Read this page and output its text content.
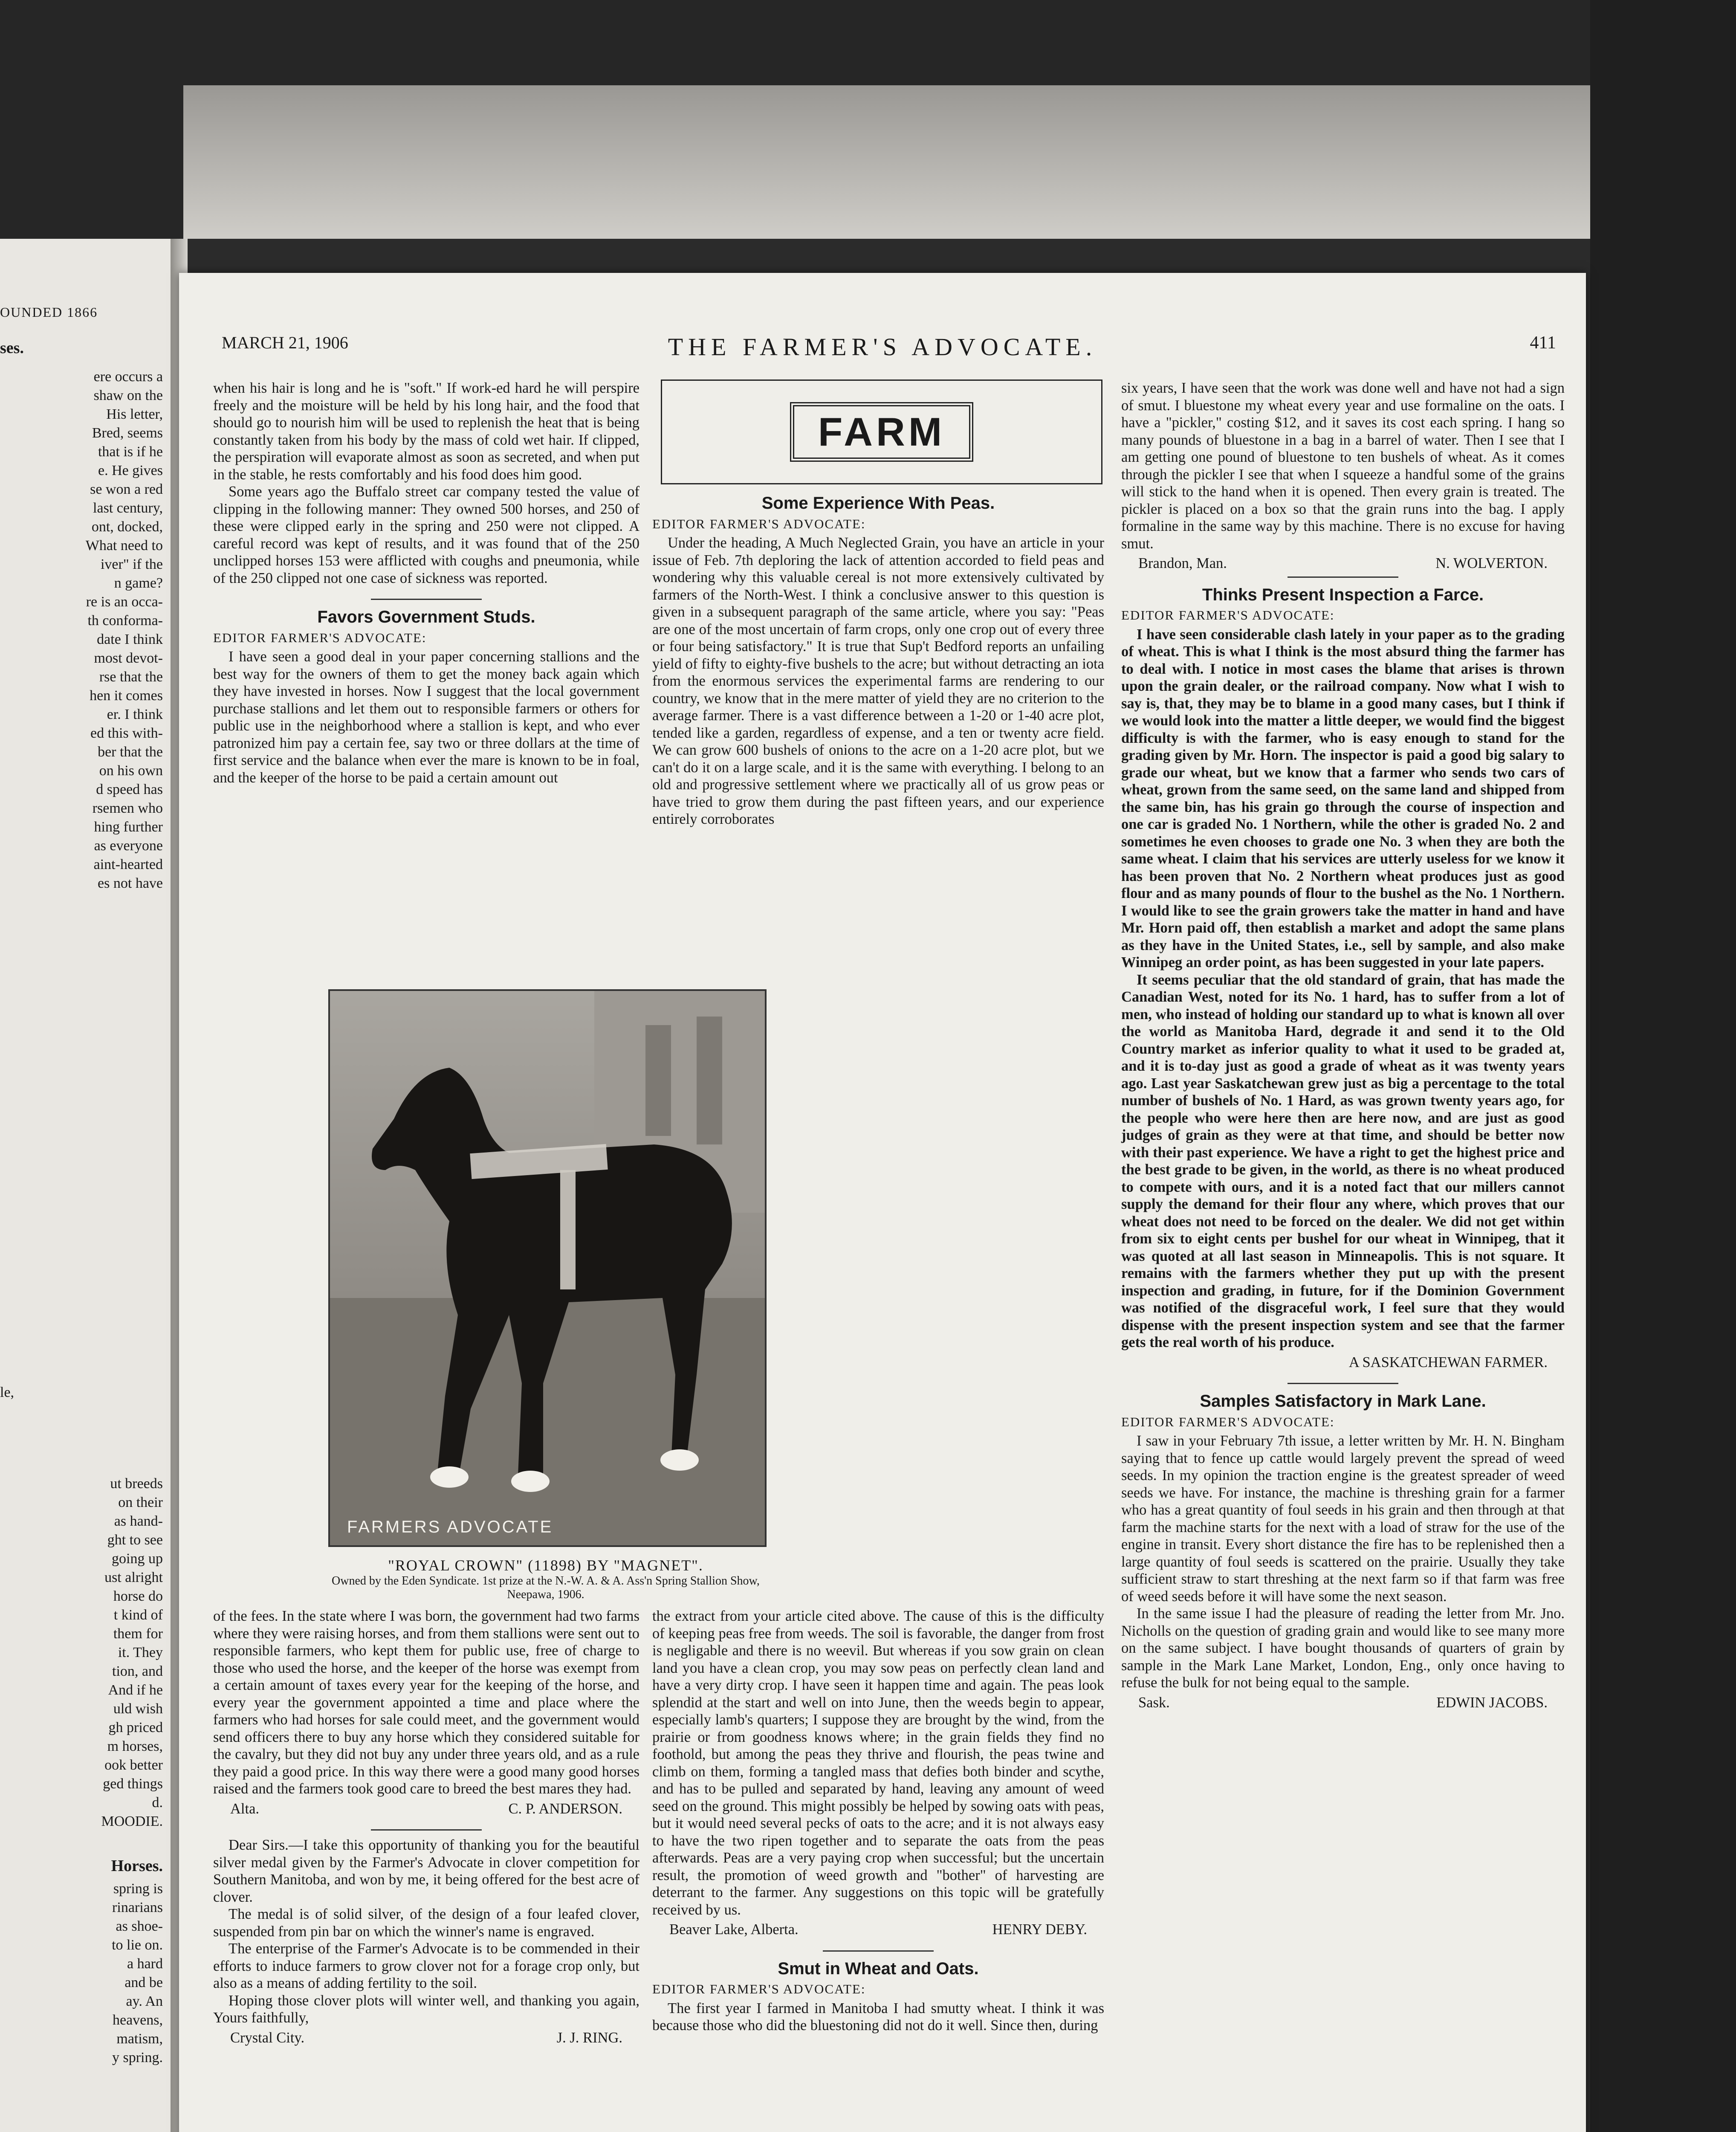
OUNDED 1866
ses.
ere occurs a
shaw on the
His letter,
Bred, seems
that is if he
e. He gives
se won a red
last century,
ont, docked,
What need to
iver" if the
n game?
re is an occa-
th conforma-
date I think
most devot-
rse that the
hen it comes
er. I think
ed this with-
ber that the
on his own
d speed has
rsemen who
hing further
as everyone
aint-hearted
es not have
le,
ut breeds
on their
as hand-
ght to see
going up
ust alright
horse do
t kind of
them for
it. They
tion, and
And if he
uld wish
gh priced
m horses,
ook better
ged things
d.
MOODIE.
Horses.
spring is
rinarians
as shoe-
to lie on.
a hard
and be
ay. An
heavens,
matism,
y spring.
MARCH 21, 1906	THE FARMER'S ADVOCATE.	411

when his hair is long and he is "soft." If work-ed hard he will perspire freely and the moisture will be held by his long hair, and the food that should go to nourish him will be used to replenish the heat that is being constantly taken from his body by the mass of cold wet hair. If clipped, the perspiration will evaporate almost as soon as secreted, and when put in the stable, he rests comfortably and his food does him good.

Some years ago the Buffalo street car company tested the value of clipping in the following manner: They owned 500 horses, and 250 of these were clipped early in the spring and 250 were not clipped. A careful record was kept of results, and it was found that of the 250 unclipped horses 153 were afflicted with coughs and pneumonia, while of the 250 clipped not one case of sickness was reported.

Favors Government Studs.
EDITOR FARMER'S ADVOCATE:

I have seen a good deal in your paper concerning stallions and the best way for the owners of them to get the money back again which they have invested in horses. Now I suggest that the local government purchase stallions and let them out to responsible farmers or others for public use in the neighborhood where a stallion is kept, and who ever patronized him pay a certain fee, say two or three dollars at the time of first service and the balance when ever the mare is known to be in foal, and the keeper of the horse to be paid a certain amount out

FARM
Some Experience With Peas.
EDITOR FARMER'S ADVOCATE:

Under the heading, A Much Neglected Grain, you have an article in your issue of Feb. 7th deploring the lack of attention accorded to field peas and wondering why this valuable cereal is not more extensively cultivated by farmers of the North-West. I think a conclusive answer to this question is given in a subsequent paragraph of the same article, where you say: "Peas are one of the most uncertain of farm crops, only one crop out of every three or four being satisfactory." It is true that Sup't Bedford reports an unfailing yield of fifty to eighty-five bushels to the acre; but without detracting an iota from the enormous services the experimental farms are rendering to our country, we know that in the mere matter of yield they are no criterion to the average farmer. There is a vast difference between a 1-20 or 1-40 acre plot, tended like a garden, regardless of expense, and a ten or twenty acre field. We can grow 600 bushels of onions to the acre on a 1-20 acre plot, but we can't do it on a large scale, and it is the same with everything. I belong to an old and progressive settlement where we practically all of us grow peas or have tried to grow them during the past fifteen years, and our experience entirely corroborates

FARMERS ADVOCATE
"ROYAL CROWN" (11898) BY "MAGNET".
Owned by the Eden Syndicate. 1st prize at the N.-W. A. & A. Ass'n Spring Stallion Show, Neepawa, 1906.

of the fees. In the state where I was born, the government had two farms where they were raising horses, and from them stallions were sent out to responsible farmers, who kept them for public use, free of charge to those who used the horse, and the keeper of the horse was exempt from a certain amount of taxes every year for the keeping of the horse, and every year the government appointed a time and place where the farmers who had horses for sale could meet, and the government would send officers there to buy any horse which they considered suitable for the cavalry, but they did not buy any under three years old, and as a rule they paid a good price. In this way there were a good many good horses raised and the farmers took good care to breed the best mares they had.

Alta.	C. P. ANDERSON.

Dear Sirs.—I take this opportunity of thanking you for the beautiful silver medal given by the Farmer's Advocate in clover competition for Southern Manitoba, and won by me, it being offered for the best acre of clover.

The medal is of solid silver, of the design of a four leafed clover, suspended from pin bar on which the winner's name is engraved.

The enterprise of the Farmer's Advocate is to be commended in their efforts to induce farmers to grow clover not for a forage crop only, but also as a means of adding fertility to the soil.

Hoping those clover plots will winter well, and thanking you again, Yours faithfully,

Crystal City.	J. J. RING.

the extract from your article cited above. The cause of this is the difficulty of keeping peas free from weeds. The soil is favorable, the danger from frost is negligable and there is no weevil. But whereas if you sow grain on clean land you have a clean crop, you may sow peas on perfectly clean land and have a very dirty crop. I have seen it happen time and again. The peas look splendid at the start and well on into June, then the weeds begin to appear, especially lamb's quarters; I suppose they are brought by the wind, from the prairie or from goodness knows where; in the grain fields they find no foothold, but among the peas they thrive and flourish, the peas twine and climb on them, forming a tangled mass that defies both binder and scythe, and has to be pulled and separated by hand, leaving any amount of weed seed on the ground. This might possibly be helped by sowing oats with peas, but it would need several pecks of oats to the acre; and it is not always easy to have the two ripen together and to separate the oats from the peas afterwards. Peas are a very paying crop when successful; but the uncertain result, the promotion of weed growth and "bother" of harvesting are deterrant to the farmer. Any suggestions on this topic will be gratefully received by us.

Beaver Lake, Alberta.	HENRY DEBY.
Smut in Wheat and Oats.
EDITOR FARMER'S ADVOCATE:

The first year I farmed in Manitoba I had smutty wheat. I think it was because those who did the bluestoning did not do it well. Since then, during

six years, I have seen that the work was done well and have not had a sign of smut. I bluestone my wheat every year and use formaline on the oats. I have a "pickler," costing $12, and it saves its cost each spring. I hang so many pounds of bluestone in a bag in a barrel of water. Then I see that I am getting one pound of bluestone to ten bushels of wheat. As it comes through the pickler I see that when I squeeze a handful some of the grains will stick to the hand when it is opened. Then every grain is treated. The pickler is placed on a box so that the grain runs into the bag. I apply formaline in the same way by this machine. There is no excuse for having smut.

Brandon, Man.	N. WOLVERTON.
Thinks Present Inspection a Farce.
EDITOR FARMER'S ADVOCATE:

I have seen considerable clash lately in your paper as to the grading of wheat. This is what I think is the most absurd thing the farmer has to deal with. I notice in most cases the blame that arises is thrown upon the grain dealer, or the railroad company. Now what I wish to say is, that, they may be to blame in a good many cases, but I think if we would look into the matter a little deeper, we would find the biggest difficulty is with the farmer, who is easy enough to stand for the grading given by Mr. Horn. The inspector is paid a good big salary to grade our wheat, but we know that a farmer who sends two cars of wheat, grown from the same seed, on the same land and shipped from the same bin, has his grain go through the course of inspection and one car is graded No. 1 Northern, while the other is graded No. 2 and sometimes he even chooses to grade one No. 3 when they are both the same wheat. I claim that his services are utterly useless for we know it has been proven that No. 2 Northern wheat produces just as good flour and as many pounds of flour to the bushel as the No. 1 Northern. I would like to see the grain growers take the matter in hand and have Mr. Horn paid off, then establish a market and adopt the same plans as they have in the United States, i.e., sell by sample, and also make Winnipeg an order point, as has been suggested in your late papers.

It seems peculiar that the old standard of grain, that has made the Canadian West, noted for its No. 1 hard, has to suffer from a lot of men, who instead of holding our standard up to what is known all over the world as Manitoba Hard, degrade it and send it to the Old Country market as inferior quality to what it used to be graded at, and it is to-day just as good a grade of wheat as it was twenty years ago. Last year Saskatchewan grew just as big a percentage to the total number of bushels of No. 1 Hard, as was grown twenty years ago, for the people who were here then are here now, and are just as good judges of grain as they were at that time, and should be better now with their past experience. We have a right to get the highest price and the best grade to be given, in the world, as there is no wheat produced to compete with ours, and it is a noted fact that our millers cannot supply the demand for their flour any where, which proves that our wheat does not need to be forced on the dealer. We did not get within from six to eight cents per bushel for our wheat in Winnipeg, that it was quoted at all last season in Minneapolis. This is not square. It remains with the farmers whether they put up with the present inspection and grading, in future, for if the Dominion Government was notified of the disgraceful work, I feel sure that they would dispense with the present inspection system and see that the farmer gets the real worth of his produce.

A SASKATCHEWAN FARMER.
Samples Satisfactory in Mark Lane.
EDITOR FARMER'S ADVOCATE:

I saw in your February 7th issue, a letter written by Mr. H. N. Bingham saying that to fence up cattle would largely prevent the spread of weed seeds. In my opinion the traction engine is the greatest spreader of weed seeds we have. For instance, the machine is threshing grain for a farmer who has a great quantity of foul seeds in his grain and then through at that farm the machine starts for the next with a load of straw for the use of the engine in transit. Every short distance the fire has to be replenished then a large quantity of foul seeds is scattered on the prairie. Usually they take sufficient straw to start threshing at the next farm so if that farm was free of weed seeds before it will have some the next season.

In the same issue I had the pleasure of reading the letter from Mr. Jno. Nicholls on the question of grading grain and would like to see many more on the same subject. I have bought thousands of quarters of grain by sample in the Mark Lane Market, London, Eng., only once having to refuse the bulk for not being equal to the sample.

Sask.	EDWIN JACOBS.
